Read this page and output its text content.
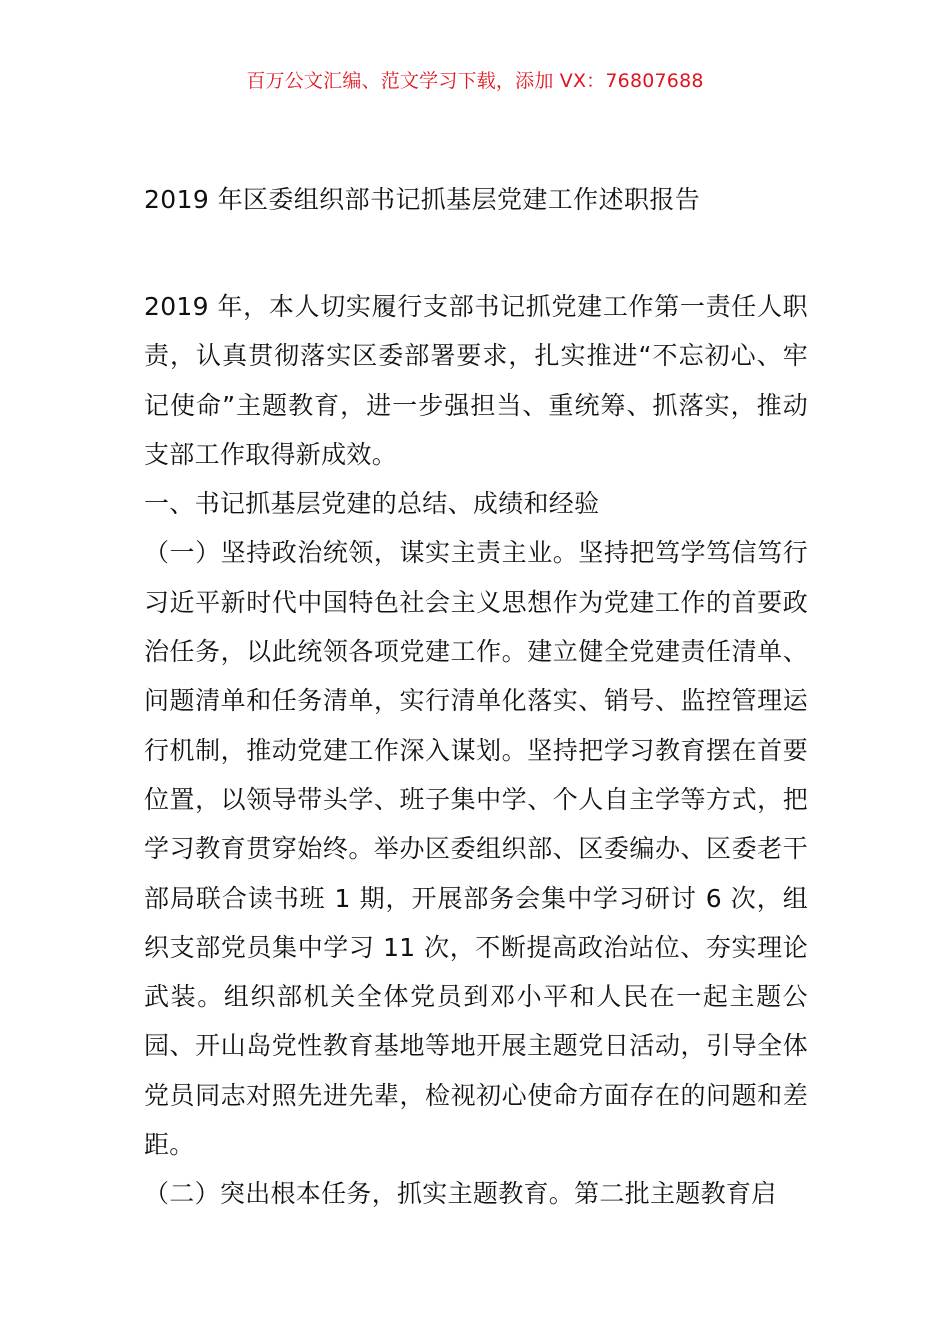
百万公文汇编、范文学习下载，添加 VX：76807688
2019 年区委组织部书记抓基层党建工作述职报告

2019 年，本人切实履行支部书记抓党建工作第一责任人职责，认真贯彻落实区委部署要求，扎实推进“不忘初心、牢记使命”主题教育，进一步强担当、重统筹、抓落实，推动支部工作取得新成效。

一、书记抓基层党建的总结、成绩和经验

（一）坚持政治统领，谋实主责主业。坚持把笃学笃信笃行习近平新时代中国特色社会主义思想作为党建工作的首要政治任务，以此统领各项党建工作。建立健全党建责任清单、问题清单和任务清单，实行清单化落实、销号、监控管理运行机制，推动党建工作深入谋划。坚持把学习教育摆在首要位置，以领导带头学、班子集中学、个人自主学等方式，把学习教育贯穿始终。举办区委组织部、区委编办、区委老干部局联合读书班 1 期，开展部务会集中学习研讨 6 次，组织支部党员集中学习 11 次，不断提高政治站位、夯实理论武装。组织部机关全体党员到邓小平和人民在一起主题公园、开山岛党性教育基地等地开展主题党日活动，引导全体党员同志对照先进先辈，检视初心使命方面存在的问题和差距。

（二）突出根本任务，抓实主题教育。第二批主题教育启
